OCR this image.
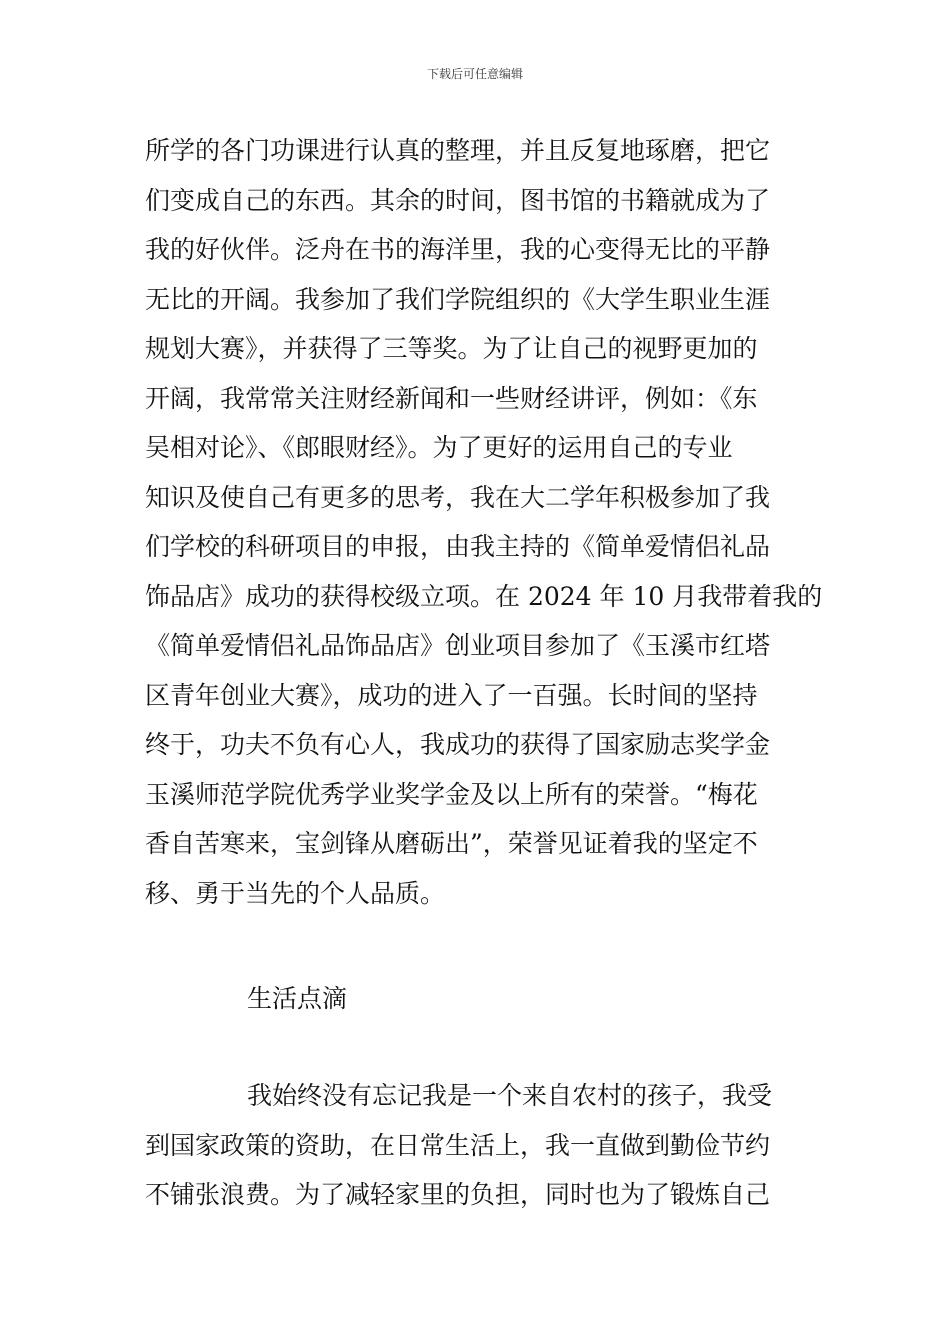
下载后可任意编辑
所学的各门功课进行认真的整理，并且反复地琢磨，把它
们变成自己的东西。其余的时间，图书馆的书籍就成为了
我的好伙伴。泛舟在书的海洋里，我的心变得无比的平静
无比的开阔。我参加了我们学院组织的《大学生职业生涯
规划大赛》，并获得了三等奖。为了让自己的视野更加的
开阔，我常常关注财经新闻和一些财经讲评，例如：《东
吴相对论》、《郎眼财经》。为了更好的运用自己的专业
知识及使自己有更多的思考，我在大二学年积极参加了我
们学校的科研项目的申报，由我主持的《简单爱情侣礼品
饰品店》成功的获得校级立项。在 2024 年 10 月我带着我的
《简单爱情侣礼品饰品店》创业项目参加了《玉溪市红塔
区青年创业大赛》，成功的进入了一百强。长时间的坚持
终于，功夫不负有心人，我成功的获得了国家励志奖学金
玉溪师范学院优秀学业奖学金及以上所有的荣誉。“梅花
香自苦寒来，宝剑锋从磨砺出”，荣誉见证着我的坚定不
移、勇于当先的个人品质。
生活点滴
我始终没有忘记我是一个来自农村的孩子，我受
到国家政策的资助，在日常生活上，我一直做到勤俭节约
不铺张浪费。为了减轻家里的负担，同时也为了锻炼自己
